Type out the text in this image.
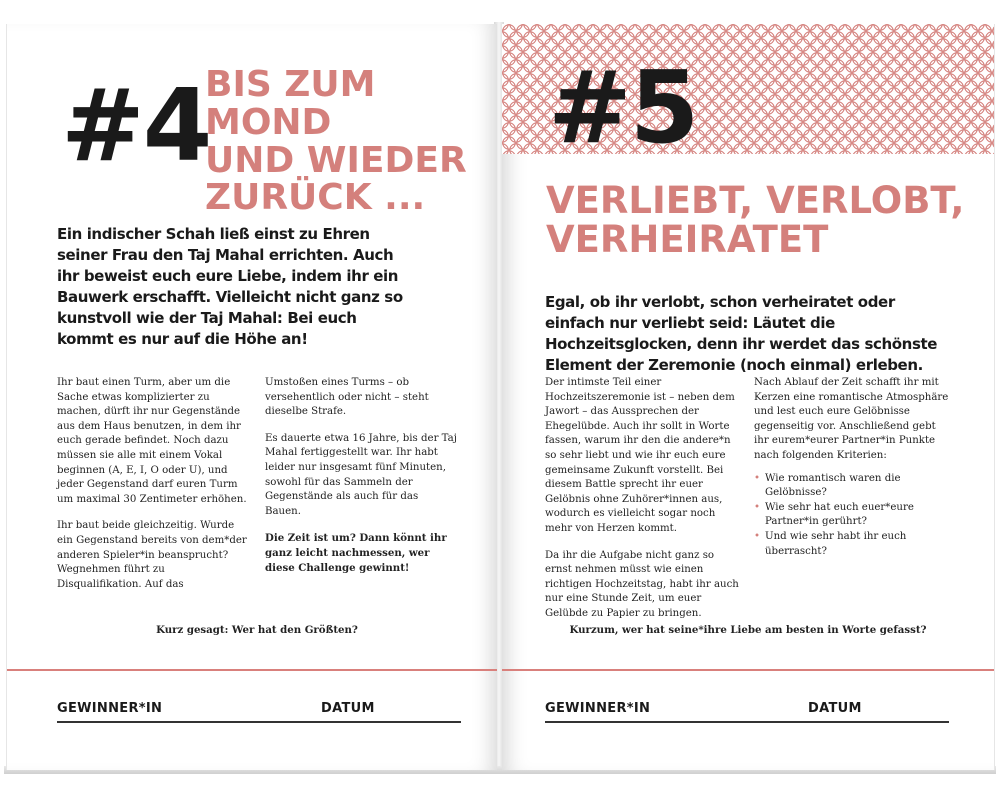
#4
BIS ZUM MOND
UND WIEDER
ZURÜCK ...
Ein indischer Schah ließ einst zu Ehren seiner Frau den Taj Mahal errichten. Auch ihr beweist euch eure Liebe, indem ihr ein Bauwerk erschafft. Vielleicht nicht ganz so kunstvoll wie der Taj Mahal: Bei euch kommt es nur auf die Höhe an!

Ihr baut einen Turm, aber um die Sache etwas komplizierter zu machen, dürft ihr nur Gegenstände aus dem Haus benutzen, in dem ihr euch gerade befindet. Noch dazu müssen sie alle mit einem Vokal beginnen (A, E, I, O oder U), und jeder Gegenstand darf euren Turm um maximal 30 Zentimeter erhöhen.

Ihr baut beide gleichzeitig. Wurde ein Gegenstand bereits von dem*der anderen Spieler*in beansprucht? Wegnehmen führt zu Disqualifikation. Auf das

Umstoßen eines Turms – ob versehentlich oder nicht – steht dieselbe Strafe.

Es dauerte etwa 16 Jahre, bis der Taj Mahal fertiggestellt war. Ihr habt leider nur insgesamt fünf Minuten, sowohl für das Sammeln der Gegenstände als auch für das Bauen.

Die Zeit ist um? Dann könnt ihr ganz leicht nachmessen, wer diese Challenge gewinnt!

Kurz gesagt: Wer hat den Größten?
GEWINNER*IN	DATUM
#5
VERLIEBT, VERLOBT,
VERHEIRATET
Egal, ob ihr verlobt, schon verheiratet oder einfach nur verliebt seid: Läutet die Hochzeitsglocken, denn ihr werdet das schönste Element der Zeremonie (noch einmal) erleben.

Der intimste Teil einer Hochzeitszeremonie ist – neben dem Jawort – das Aussprechen der Ehegelübde. Auch ihr sollt in Worte fassen, warum ihr den die andere*n so sehr liebt und wie ihr euch eure gemeinsame Zukunft vorstellt. Bei diesem Battle sprecht ihr euer Gelöbnis ohne Zuhörer*innen aus, wodurch es vielleicht sogar noch mehr von Herzen kommt.

Da ihr die Aufgabe nicht ganz so ernst nehmen müsst wie einen richtigen Hochzeitstag, habt ihr auch nur eine Stunde Zeit, um euer Gelübde zu Papier zu bringen.

Nach Ablauf der Zeit schafft ihr mit Kerzen eine romantische Atmosphäre und lest euch eure Gelöbnisse gegenseitig vor. Anschließend gebt ihr eurem*eurer Partner*in Punkte nach folgenden Kriterien:

• Wie romantisch waren die Gelöbnisse?
• Wie sehr hat euch euer*eure Partner*in gerührt?
• Und wie sehr habt ihr euch überrascht?
Kurzum, wer hat seine*ihre Liebe am besten in Worte gefasst?
GEWINNER*IN	DATUM
